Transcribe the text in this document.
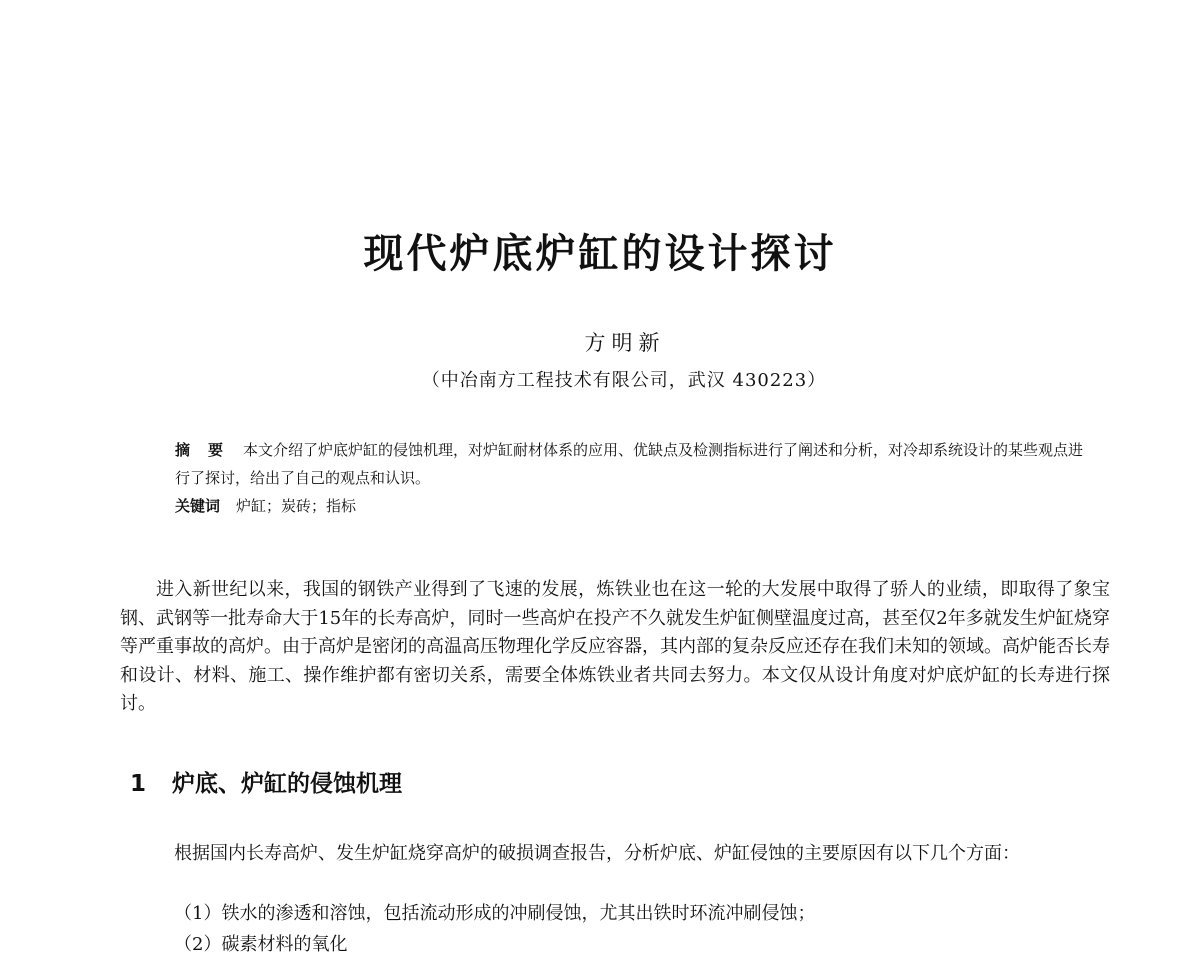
现代炉底炉缸的设计探讨
方明新
（中冶南方工程技术有限公司，武汉 430223）

摘要 本文介绍了炉底炉缸的侵蚀机理，对炉缸耐材体系的应用、优缺点及检测指标进行了阐述和分析，对冷却系统设计的某些观点进行了探讨，给出了自己的观点和认识。

关键词 炉缸；炭砖；指标

进入新世纪以来，我国的钢铁产业得到了飞速的发展，炼铁业也在这一轮的大发展中取得了骄人的业绩，即取得了象宝钢、武钢等一批寿命大于15年的长寿高炉，同时一些高炉在投产不久就发生炉缸侧壁温度过高，甚至仅2年多就发生炉缸烧穿等严重事故的高炉。由于高炉是密闭的高温高压物理化学反应容器，其内部的复杂反应还存在我们未知的领域。高炉能否长寿和设计、材料、施工、操作维护都有密切关系，需要全体炼铁业者共同去努力。本文仅从设计角度对炉底炉缸的长寿进行探讨。

1 炉底、炉缸的侵蚀机理

根据国内长寿高炉、发生炉缸烧穿高炉的破损调查报告，分析炉底、炉缸侵蚀的主要原因有以下几个方面：

（1）铁水的渗透和溶蚀，包括流动形成的冲刷侵蚀，尤其出铁时环流冲刷侵蚀；
（2）碳素材料的氧化
